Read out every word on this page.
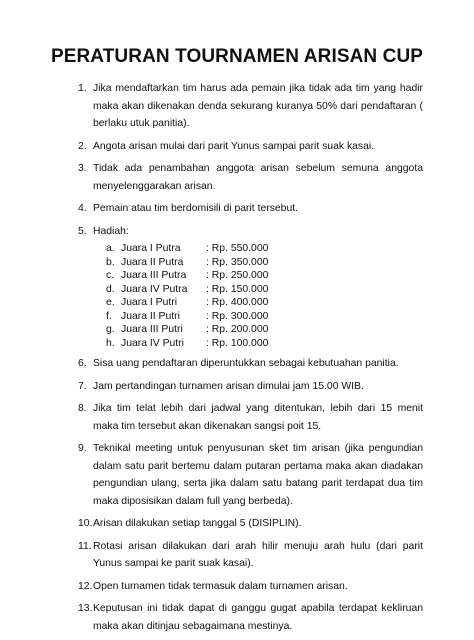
PERATURAN TOURNAMEN ARISAN CUP
1. Jika mendaftarkan tim harus ada pemain jika tidak ada tim yang hadir maka akan dikenakan denda sekurang kuranya 50% dari pendaftaran ( berlaku utuk panitia).
2. Angota arisan mulai dari parit Yunus sampai parit suak kasai.
3. Tidak ada penambahan anggota arisan sebelum semuna anggota menyelenggarakan arisan.
4. Pemain atau tim berdomisili di parit tersebut.
5. Hadiah:
a. Juara I Putra : Rp. 550.000
b. Juara II Putra : Rp. 350.000
c. Juara III Putra : Rp. 250.000
d. Juara IV Putra : Rp. 150.000
e. Juara I Putri	: Rp. 400.000
f. Juara II Putri	: Rp. 300.000
g. Juara III Putri : Rp. 200.000
h. Juara IV Putri : Rp. 100.000
6. Sisa uang pendaftaran diperuntukkan sebagai kebutuahan panitia.
7. Jam pertandingan turnamen arisan dimulai jam 15.00 WIB.
8. Jika tim telat lebih dari jadwal yang ditentukan, lebih dari 15 menit maka tim tersebut akan dikenakan sangsi poit 15.
9. Teknikal meeting untuk penyusunan sket tim arisan (jika pengundian dalam satu parit bertemu dalam putaran pertama maka akan diadakan pengundian ulang, serta jika dalam satu batang parit terdapat dua tim maka diposisikan dalam full yang berbeda).
10. Arisan dilakukan setiap tanggal 5 (DISIPLIN).
11. Rotasi arisan dilakukan dari arah hilir menuju arah hulu (dari parit Yunus sampai ke parit suak kasai).
12. Open turnamen tidak termasuk dalam turnamen arisan.
13. Keputusan ini tidak dapat di ganggu gugat apabila terdapat kekliruan maka akan ditinjau sebagaimana mestinya.
